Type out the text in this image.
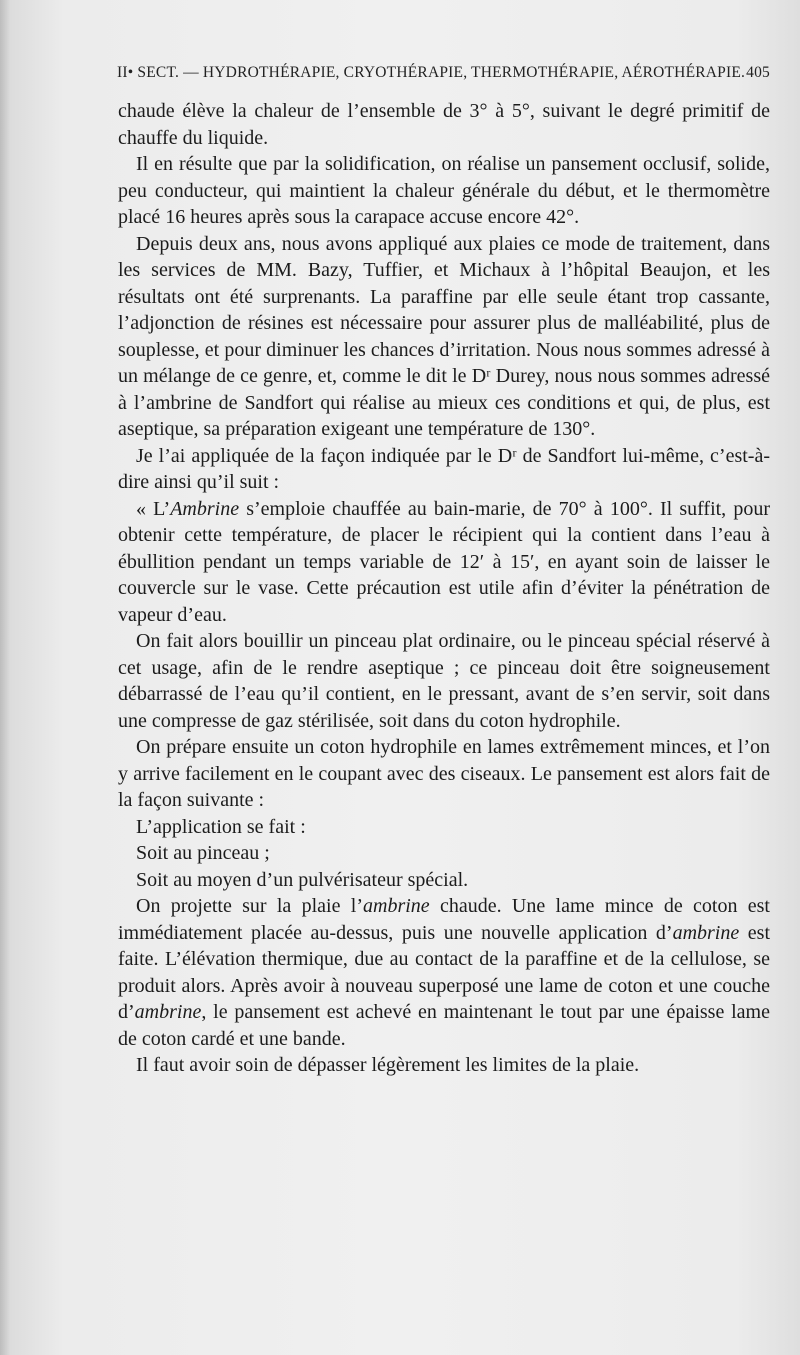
II• SECT. — HYDROTHÉRAPIE, CRYOTHÉRAPIE, THERMOTHÉRAPIE, AÉROTHÉRAPIE. 405

chaude élève la chaleur de l’ensemble de 3° à 5°, suivant le degré primitif de chauffe du liquide.

Il en résulte que par la solidification, on réalise un pansement occlusif, solide, peu conducteur, qui maintient la chaleur générale du début, et le thermomètre placé 16 heures après sous la carapace accuse encore 42°.

Depuis deux ans, nous avons appliqué aux plaies ce mode de traitement, dans les services de MM. Bazy, Tuffier, et Michaux à l’hôpital Beaujon, et les résultats ont été surprenants. La paraffine par elle seule étant trop cassante, l’adjonction de résines est nécessaire pour assurer plus de malléabilité, plus de souplesse, et pour diminuer les chances d’irritation. Nous nous sommes adressé à un mélange de ce genre, et, comme le dit le Dʳ Durey, nous nous sommes adressé à l’ambrine de Sandfort qui réalise au mieux ces conditions et qui, de plus, est aseptique, sa préparation exigeant une température de 130°.

Je l’ai appliquée de la façon indiquée par le Dʳ de Sandfort lui-même, c’est-à-dire ainsi qu’il suit :

« L’Ambrine s’emploie chauffée au bain-marie, de 70° à 100°. Il suffit, pour obtenir cette température, de placer le récipient qui la contient dans l’eau à ébullition pendant un temps variable de 12′ à 15′, en ayant soin de laisser le couvercle sur le vase. Cette précaution est utile afin d’éviter la pénétration de vapeur d’eau.

On fait alors bouillir un pinceau plat ordinaire, ou le pinceau spécial réservé à cet usage, afin de le rendre aseptique ; ce pinceau doit être soigneusement débarrassé de l’eau qu’il contient, en le pressant, avant de s’en servir, soit dans une compresse de gaz stérilisée, soit dans du coton hydrophile.

On prépare ensuite un coton hydrophile en lames extrêmement minces, et l’on y arrive facilement en le coupant avec des ciseaux. Le pansement est alors fait de la façon suivante :

L’application se fait :

Soit au pinceau ;

Soit au moyen d’un pulvérisateur spécial.

On projette sur la plaie l’ambrine chaude. Une lame mince de coton est immédiatement placée au-dessus, puis une nouvelle application d’ambrine est faite. L’élévation thermique, due au contact de la paraffine et de la cellulose, se produit alors. Après avoir à nouveau superposé une lame de coton et une couche d’ambrine, le pansement est achevé en maintenant le tout par une épaisse lame de coton cardé et une bande.

Il faut avoir soin de dépasser légèrement les limites de la plaie.
